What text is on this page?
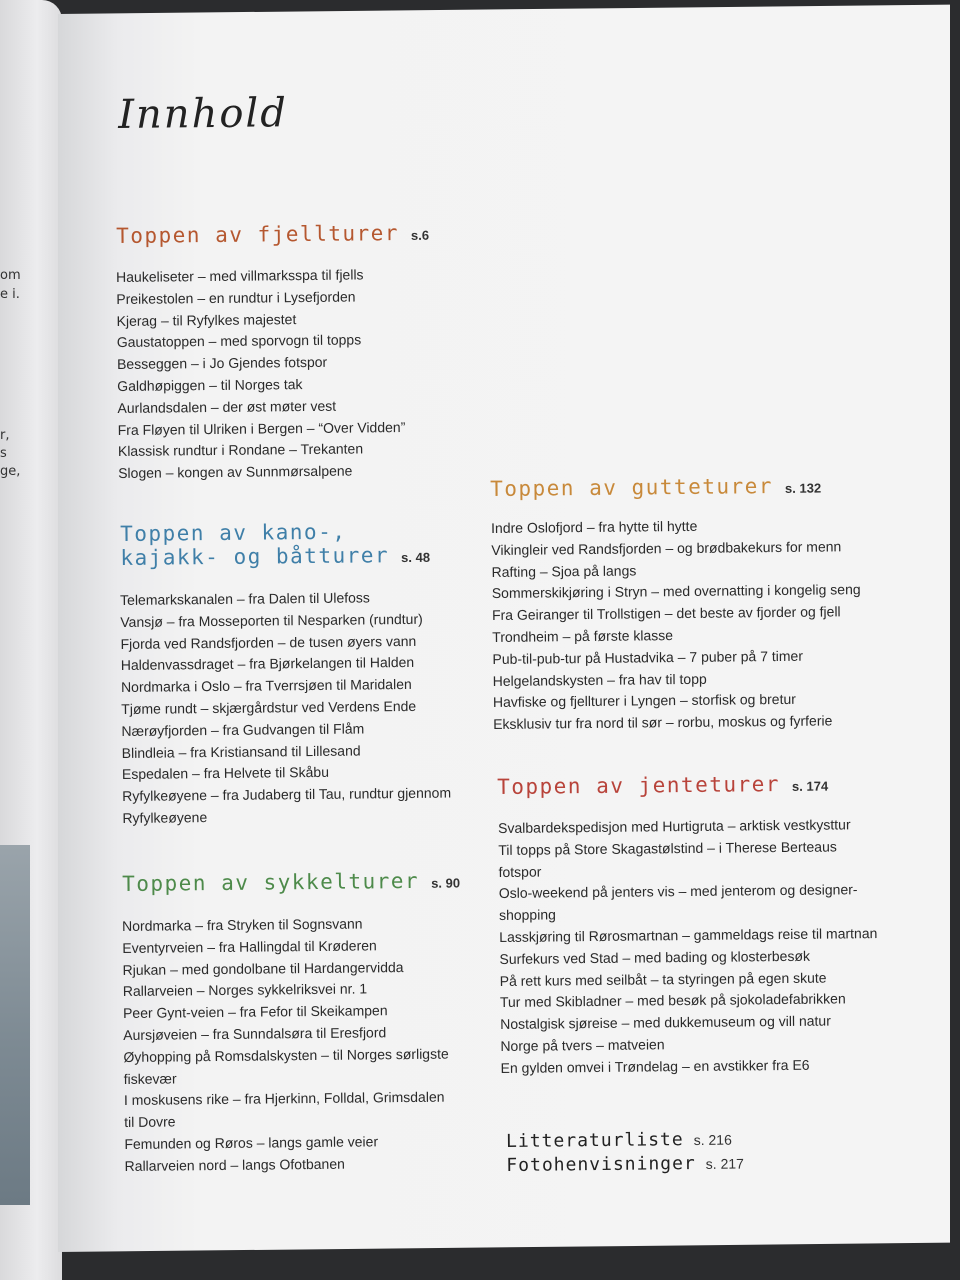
om
e i.
r,
s
ge,
Innhold
Toppen av fjellturer s.6
Haukeliseter – med villmarksspa til fjells
Preikestolen – en rundtur i Lysefjorden
Kjerag – til Ryfylkes majestet
Gaustatoppen – med sporvogn til topps
Besseggen – i Jo Gjendes fotspor
Galdhøpiggen – til Norges tak
Aurlandsdalen – der øst møter vest
Fra Fløyen til Ulriken i Bergen – “Over Vidden”
Klassisk rundtur i Rondane – Trekanten
Slogen – kongen av Sunnmørsalpene
Toppen av kano-,
kajakk- og båtturer s. 48
Telemarkskanalen – fra Dalen til Ulefoss
Vansjø – fra Mosseporten til Nesparken (rundtur)
Fjorda ved Randsfjorden – de tusen øyers vann
Haldenvassdraget – fra Bjørkelangen til Halden
Nordmarka i Oslo – fra Tverrsjøen til Maridalen
Tjøme rundt – skjærgårdstur ved Verdens Ende
Nærøyfjorden – fra Gudvangen til Flåm
Blindleia – fra Kristiansand til Lillesand
Espedalen – fra Helvete til Skåbu
Ryfylkeøyene – fra Judaberg til Tau, rundtur gjennom
Ryfylkeøyene
Toppen av sykkelturer s. 90
Nordmarka – fra Stryken til Sognsvann
Eventyrveien – fra Hallingdal til Krøderen
Rjukan – med gondolbane til Hardangervidda
Rallarveien – Norges sykkelriksvei nr. 1
Peer Gynt-veien – fra Fefor til Skeikampen
Aursjøveien – fra Sunndalsøra til Eresfjord
Øyhopping på Romsdalskysten – til Norges sørligste
fiskevær
I moskusens rike – fra Hjerkinn, Folldal, Grimsdalen
til Dovre
Femunden og Røros – langs gamle veier
Rallarveien nord – langs Ofotbanen
Toppen av gutteturer s. 132
Indre Oslofjord – fra hytte til hytte
Vikingleir ved Randsfjorden – og brødbakekurs for menn
Rafting – Sjoa på langs
Sommerskikjøring i Stryn – med overnatting i kongelig seng
Fra Geiranger til Trollstigen – det beste av fjorder og fjell
Trondheim – på første klasse
Pub-til-pub-tur på Hustadvika – 7 puber på 7 timer
Helgelandskysten – fra hav til topp
Havfiske og fjellturer i Lyngen – storfisk og bretur
Eksklusiv tur fra nord til sør – rorbu, moskus og fyrferie
Toppen av jenteturer s. 174
Svalbardekspedisjon med Hurtigruta – arktisk vestkysttur
Til topps på Store Skagastølstind – i Therese Berteaus
fotspor
Oslo-weekend på jenters vis – med jenterom og designer-
shopping
Lasskjøring til Rørosmartnan – gammeldags reise til martnan
Surfekurs ved Stad – med bading og klosterbesøk
På rett kurs med seilbåt – ta styringen på egen skute
Tur med Skibladner – med besøk på sjokoladefabrikken
Nostalgisk sjøreise – med dukkemuseum og vill natur
Norge på tvers – matveien
En gylden omvei i Trøndelag – en avstikker fra E6
Litteraturliste s. 216
Fotohenvisninger s. 217
